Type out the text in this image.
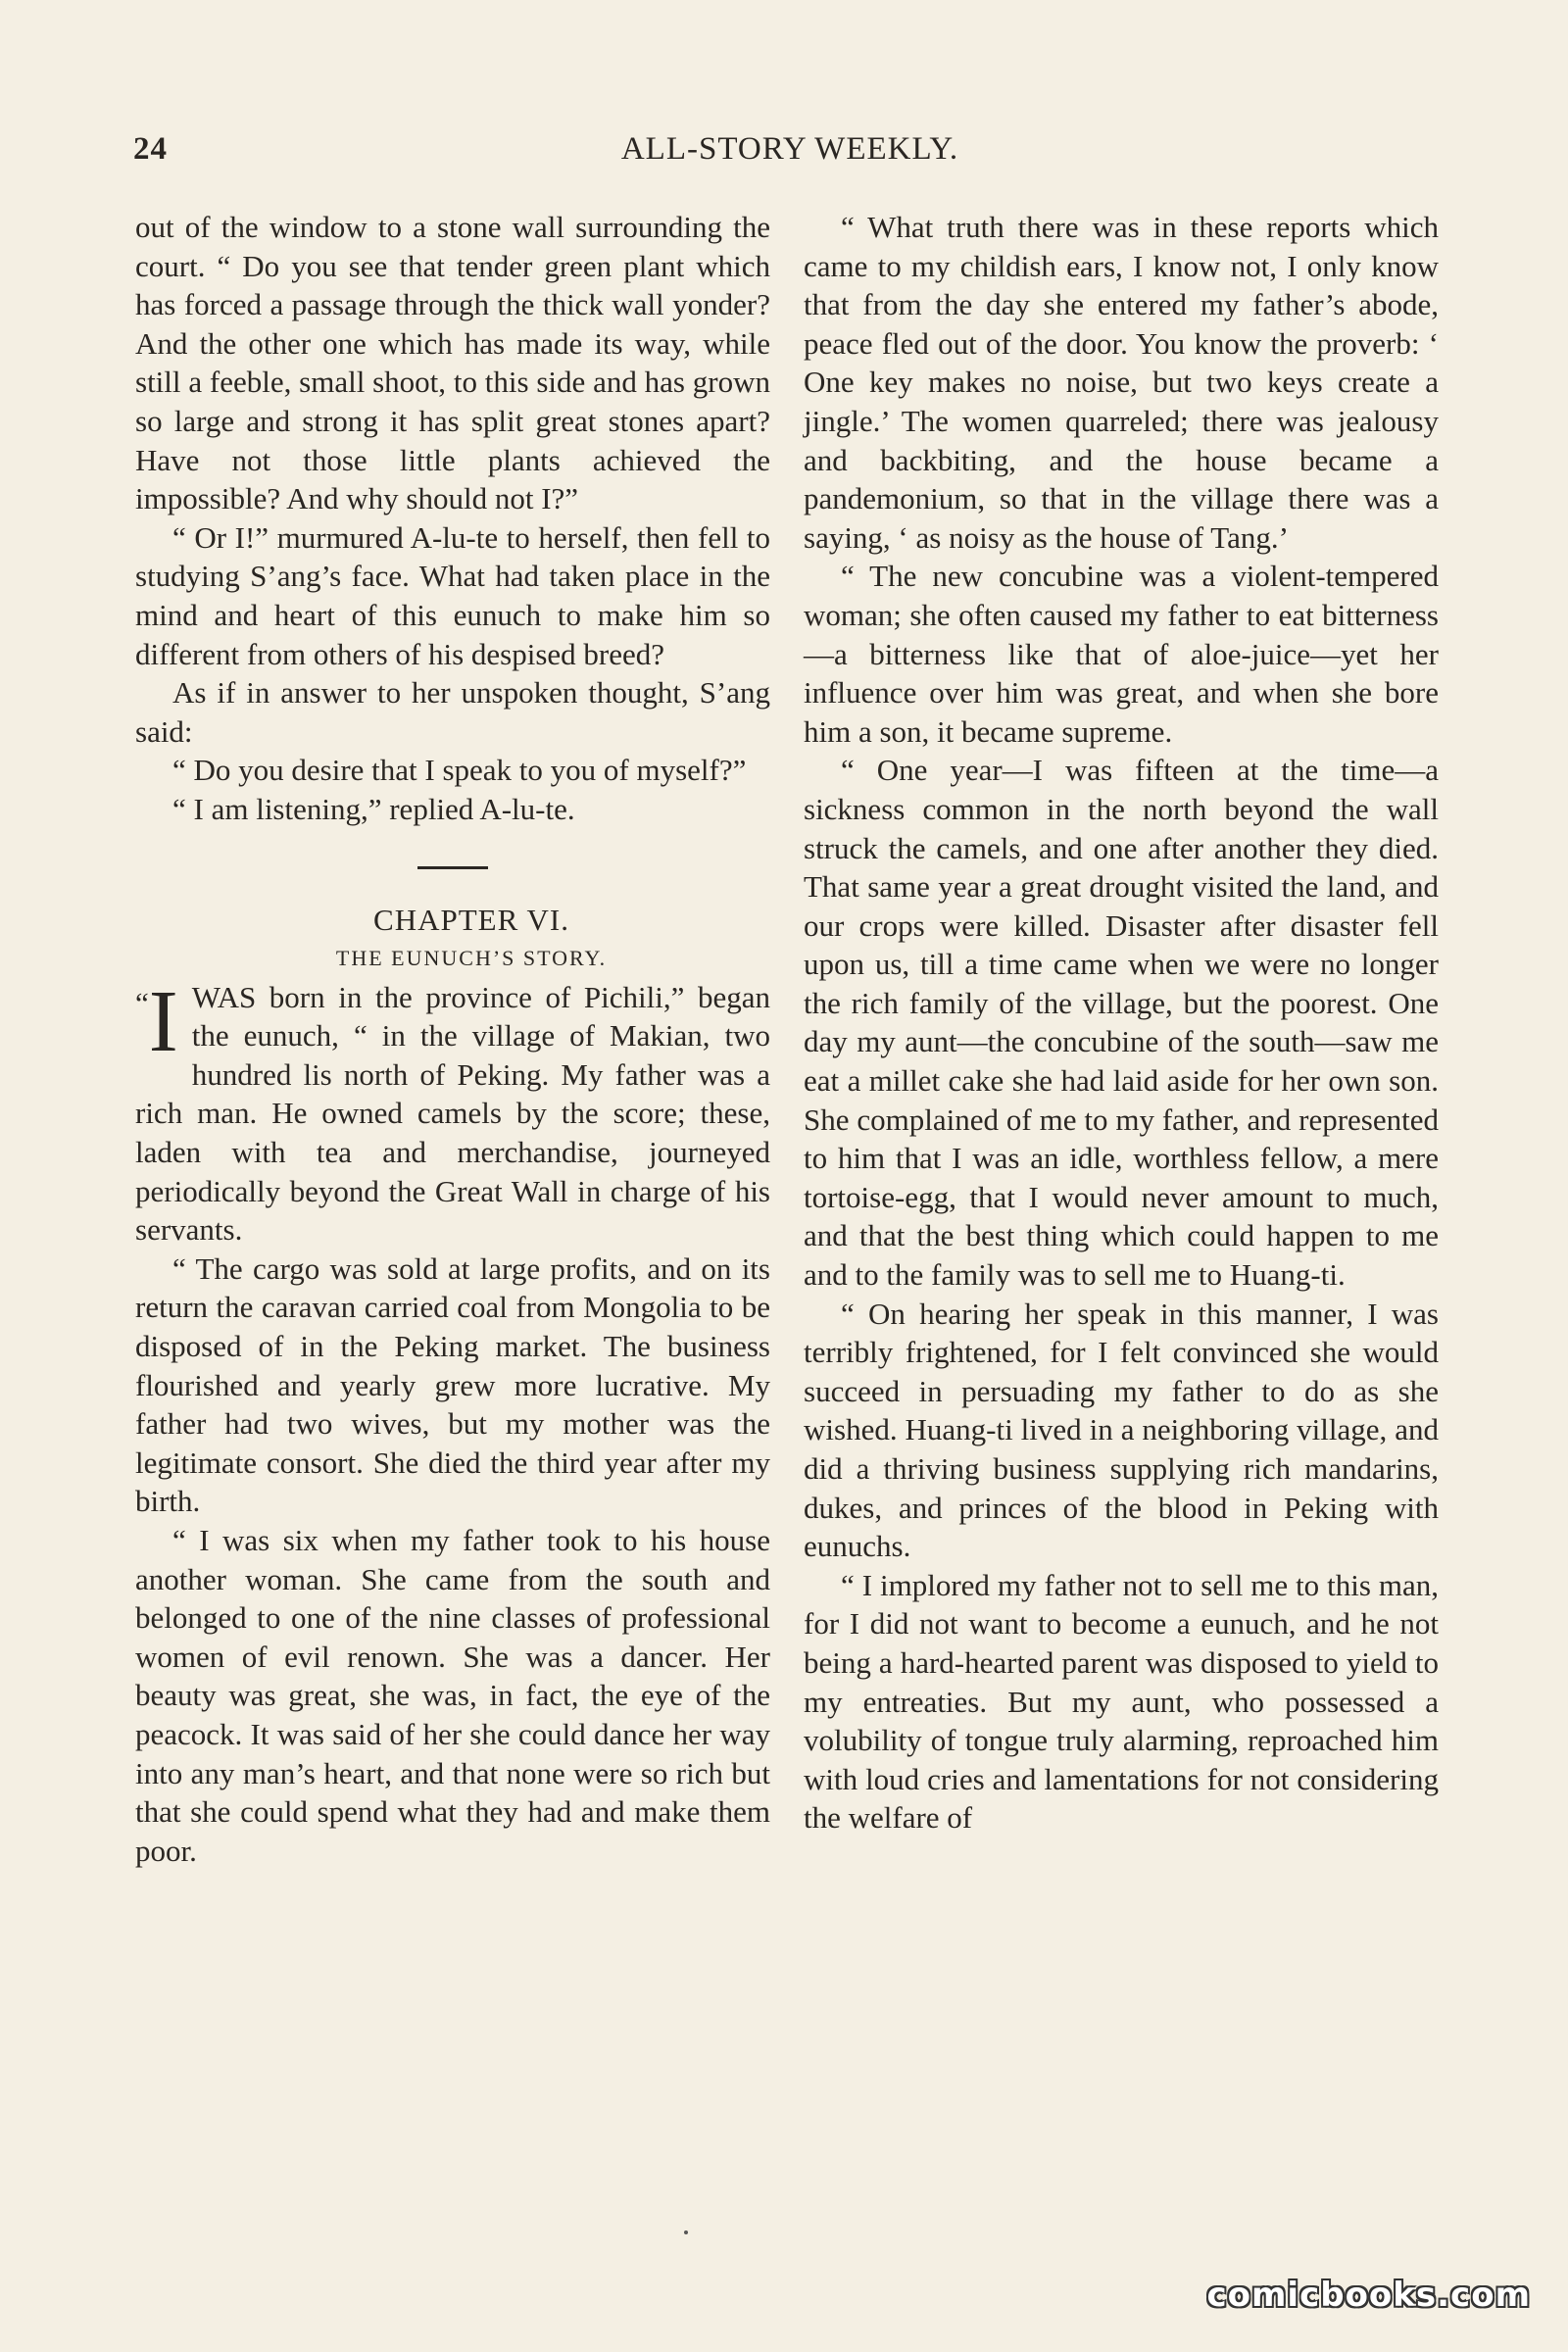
24	ALL-STORY WEEKLY.

out of the window to a stone wall surrounding the court. “ Do you see that tender green plant which has forced a passage through the thick wall yonder? And the other one which has made its way, while still a feeble, small shoot, to this side and has grown so large and strong it has split great stones apart? Have not those little plants achieved the impossible? And why should not I?”

“ Or I!” murmured A-lu-te to herself, then fell to studying S’ang’s face. What had taken place in the mind and heart of this eunuch to make him so different from others of his despised breed?

As if in answer to her unspoken thought, S’ang said:

“ Do you desire that I speak to you of myself?”

“ I am listening,” replied A-lu-te.

CHAPTER VI.

THE EUNUCH’S STORY.

“I WAS born in the province of Pichili,” began the eunuch, “ in the village of Makian, two hundred lis north of Peking. My father was a rich man. He owned camels by the score; these, laden with tea and merchandise, journeyed periodically beyond the Great Wall in charge of his servants.

“ The cargo was sold at large profits, and on its return the caravan carried coal from Mongolia to be disposed of in the Peking market. The business flourished and yearly grew more lucrative. My father had two wives, but my mother was the legitimate consort. She died the third year after my birth.

“ I was six when my father took to his house another woman. She came from the south and belonged to one of the nine classes of professional women of evil renown. She was a dancer. Her beauty was great, she was, in fact, the eye of the peacock. It was said of her she could dance her way into any man’s heart, and that none were so rich but that she could spend what they had and make them poor.

“ What truth there was in these reports which came to my childish ears, I know not, I only know that from the day she entered my father’s abode, peace fled out of the door. You know the proverb: ‘ One key makes no noise, but two keys create a jingle.’ The women quarreled; there was jealousy and backbiting, and the house became a pandemonium, so that in the village there was a saying, ‘ as noisy as the house of Tang.’

“ The new concubine was a violent-tempered woman; she often caused my father to eat bitterness—a bitterness like that of aloe-juice—yet her influence over him was great, and when she bore him a son, it became supreme.

“ One year—I was fifteen at the time—a sickness common in the north beyond the wall struck the camels, and one after another they died. That same year a great drought visited the land, and our crops were killed. Disaster after disaster fell upon us, till a time came when we were no longer the rich family of the village, but the poorest. One day my aunt—the concubine of the south—saw me eat a millet cake she had laid aside for her own son. She complained of me to my father, and represented to him that I was an idle, worthless fellow, a mere tortoise-egg, that I would never amount to much, and that the best thing which could happen to me and to the family was to sell me to Huang-ti.

“ On hearing her speak in this manner, I was terribly frightened, for I felt convinced she would succeed in persuading my father to do as she wished. Huang-ti lived in a neighboring village, and did a thriving business supplying rich mandarins, dukes, and princes of the blood in Peking with eunuchs.

“ I implored my father not to sell me to this man, for I did not want to become a eunuch, and he not being a hard-hearted parent was disposed to yield to my entreaties. But my aunt, who possessed a volubility of tongue truly alarming, reproached him with loud cries and lamentations for not considering the welfare of

comicbooks.com
